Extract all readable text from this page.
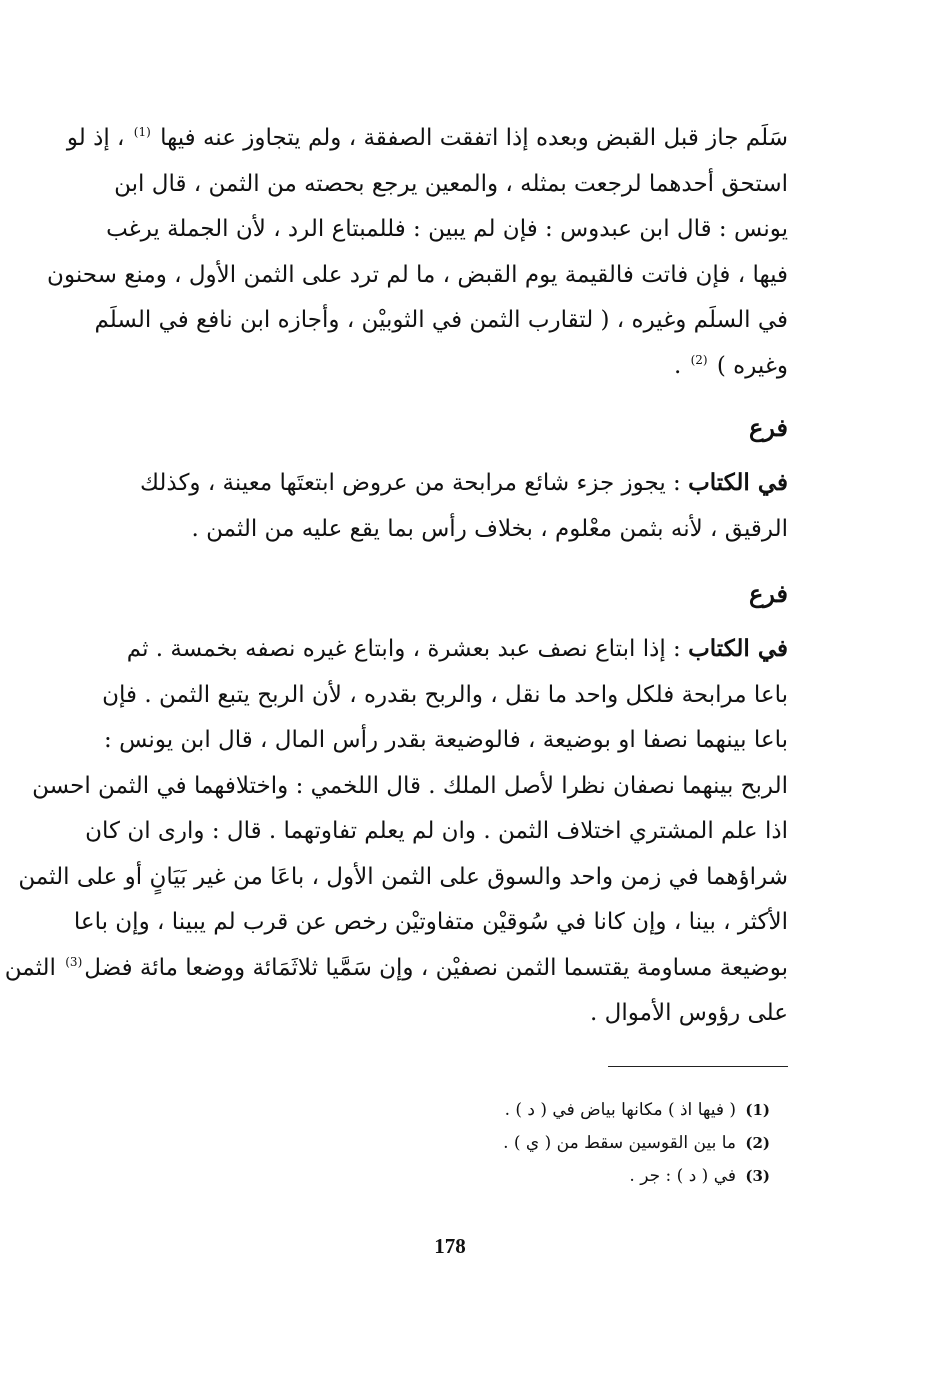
سَلَم جاز قبل القبض وبعده إذا اتفقت الصفقة ، ولم يتجاوز عنه فيها $^{(1)}$ ، إذ لو
استحق أحدهما لرجعت بمثله ، والمعين يرجع بحصته من الثمن ، قال ابن
يونس : قال ابن عبدوس : فإن لم يبين : فللمبتاع الرد ، لأن الجملة يرغب
فيها ، فإن فاتت فالقيمة يوم القبض ، ما لم ترد على الثمن الأول ، ومنع سحنون
في السلَم وغيره ، ( لتقارب الثمن في الثوبيْن ، وأجازه ابن نافع في السلَم
وغيره ) $^{(2)}$ .
فرع
في الكتاب : يجوز جزء شائع مرابحة من عروض ابتعتَها معينة ، وكذلك
الرقيق ، لأنه بثمن معْلوم ، بخلاف رأس بما يقع عليه من الثمن .
فرع
في الكتاب : إذا ابتاع نصف عبد بعشرة ، وابتاع غيره نصفه بخمسة . ثم
باعا مرابحة فلكل واحد ما نقل ، والربح بقدره ، لأن الربح يتبع الثمن . فإن
باعا بينهما نصفا او بوضيعة ، فالوضيعة بقدر رأس المال ، قال ابن يونس :
الربح بينهما نصفان نظرا لأصل الملك . قال اللخمي : واختلافهما في الثمن احسن
اذا علم المشتري اختلاف الثمن . وان لم يعلم تفاوتهما . قال : وارى ان كان
شراؤهما في زمن واحد والسوق على الثمن الأول ، باعَا من غير بَيَانٍ أو على الثمن
الأكثر ، بينا ، وإن كانا في سُوقيْن متفاوتيْن رخص عن قرب لم يبينا ، وإن باعا
بوضيعة مساومة يقتسما الثمن نصفيْن ، وإن سَمَّيا ثلاثَمَائة ووضعا مائة فضل$^{(3)}$ الثمن
على رؤوس الأموال .
(1)( فيها اذ ) مكانها بياض في ( د ) .
(2)ما بين القوسين سقط من ( ي ) .
(3)في ( د ) : جر .
178
